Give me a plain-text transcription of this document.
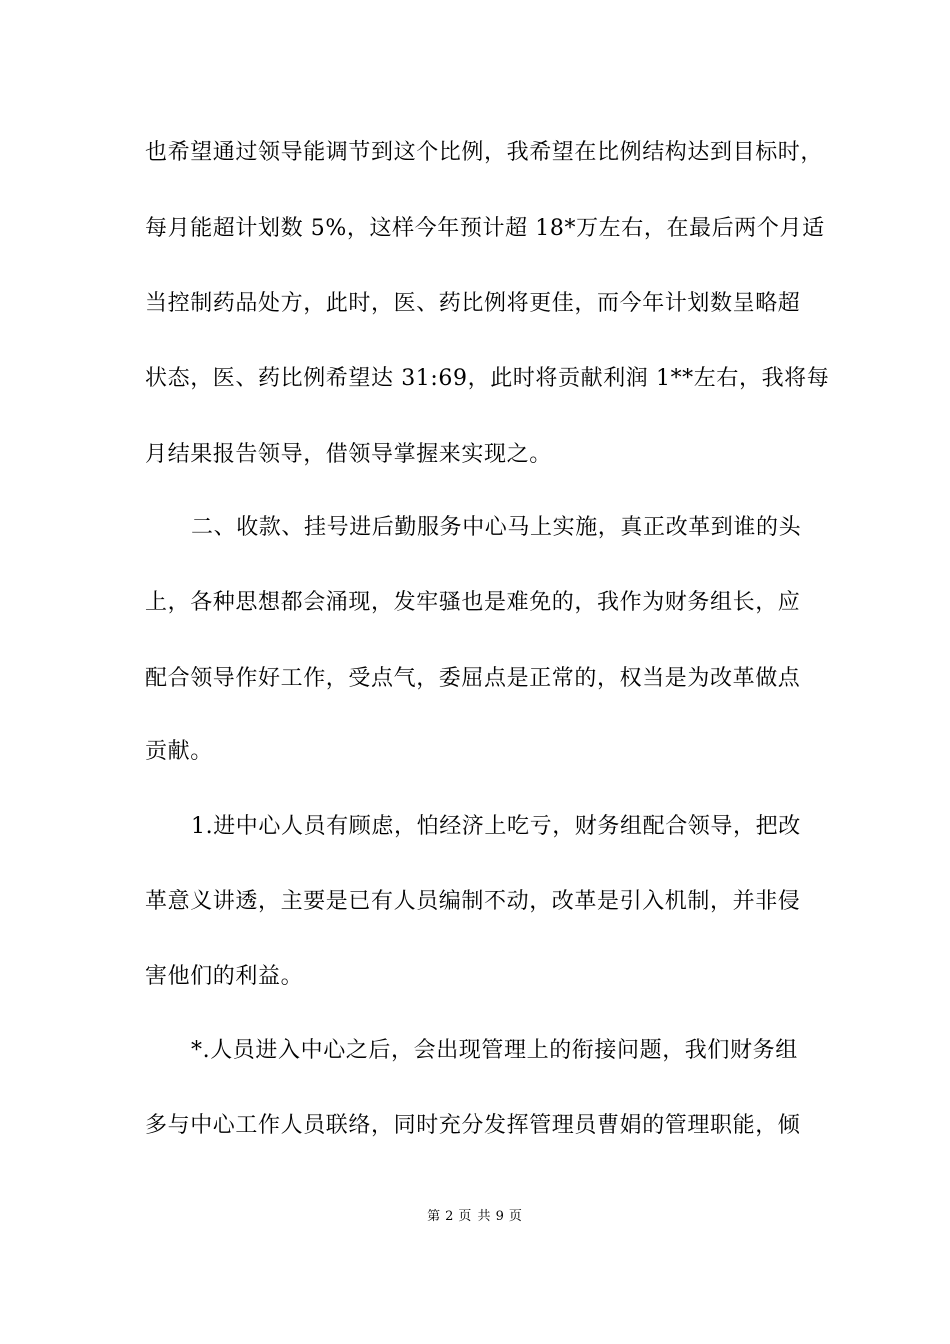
也希望通过领导能调节到这个比例，我希望在比例结构达到目标时，
每月能超计划数 5%，这样今年预计超 18*万左右，在最后两个月适
当控制药品处方，此时，医、药比例将更佳，而今年计划数呈略超
状态，医、药比例希望达 31:69，此时将贡献利润 1**左右，我将每
月结果报告领导，借领导掌握来实现之。
二、收款、挂号进后勤服务中心马上实施，真正改革到谁的头
上，各种思想都会涌现，发牢骚也是难免的，我作为财务组长，应
配合领导作好工作，受点气，委屈点是正常的，权当是为改革做点
贡献。
1.进中心人员有顾虑，怕经济上吃亏，财务组配合领导，把改
革意义讲透，主要是已有人员编制不动，改革是引入机制，并非侵
害他们的利益。
*.人员进入中心之后，会出现管理上的衔接问题，我们财务组
多与中心工作人员联络，同时充分发挥管理员曹娟的管理职能，倾
第 2 页 共 9 页
